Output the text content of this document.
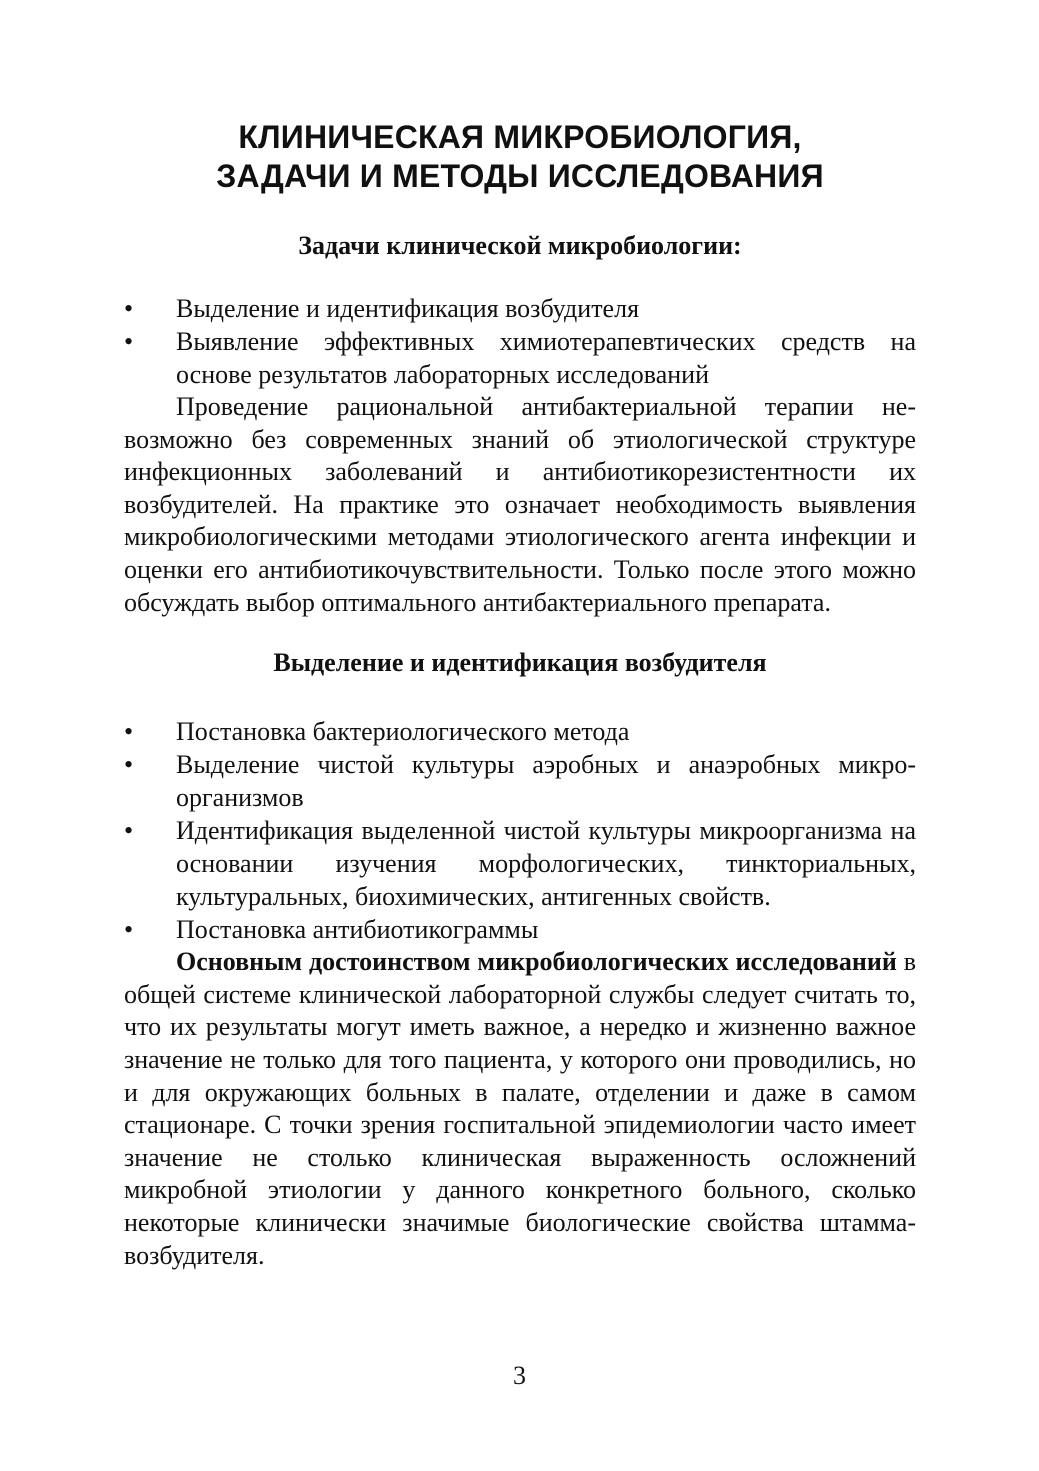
КЛИНИЧЕСКАЯ МИКРОБИОЛОГИЯ,
ЗАДАЧИ И МЕТОДЫ ИССЛЕДОВАНИЯ
Задачи клинической микробиологии:
•	Выделение и идентификация возбудителя
•	Выявление эффективных химиотерапевтических средств на основе результатов лабораторных исследований

Проведение рациональной антибактериальной терапии невозможно без современных знаний об этиологической структуре инфекционных заболеваний и антибиотикорезистентности их возбудителей. На практике это означает необходимость выявления микробиологическими методами этиологического агента инфекции и оценки его антибиотикочувствительности. Только после этого можно обсуждать выбор оптимального антибактериального препарата.

Выделение и идентификация возбудителя
•	Постановка бактериологического метода
•	Выделение чистой культуры аэробных и анаэробных микроорганизмов
•	Идентификация выделенной чистой культуры микроорганизма на основании изучения морфологических, тинкториальных, культуральных, биохимических, антигенных свойств.
•	Постановка антибиотикограммы

Основным достоинством микробиологических исследований в общей системе клинической лабораторной службы следует считать то, что их результаты могут иметь важное, а нередко и жизненно важное значение не только для того пациента, у которого они проводились, но и для окружающих больных в палате, отделении и даже в самом стационаре. С точки зрения госпитальной эпидемиологии часто имеет значение не столько клиническая выраженность осложнений микробной этиологии у данного конкретного больного, сколько некоторые клинически значимые биологические свойства штамма-возбудителя.

3
